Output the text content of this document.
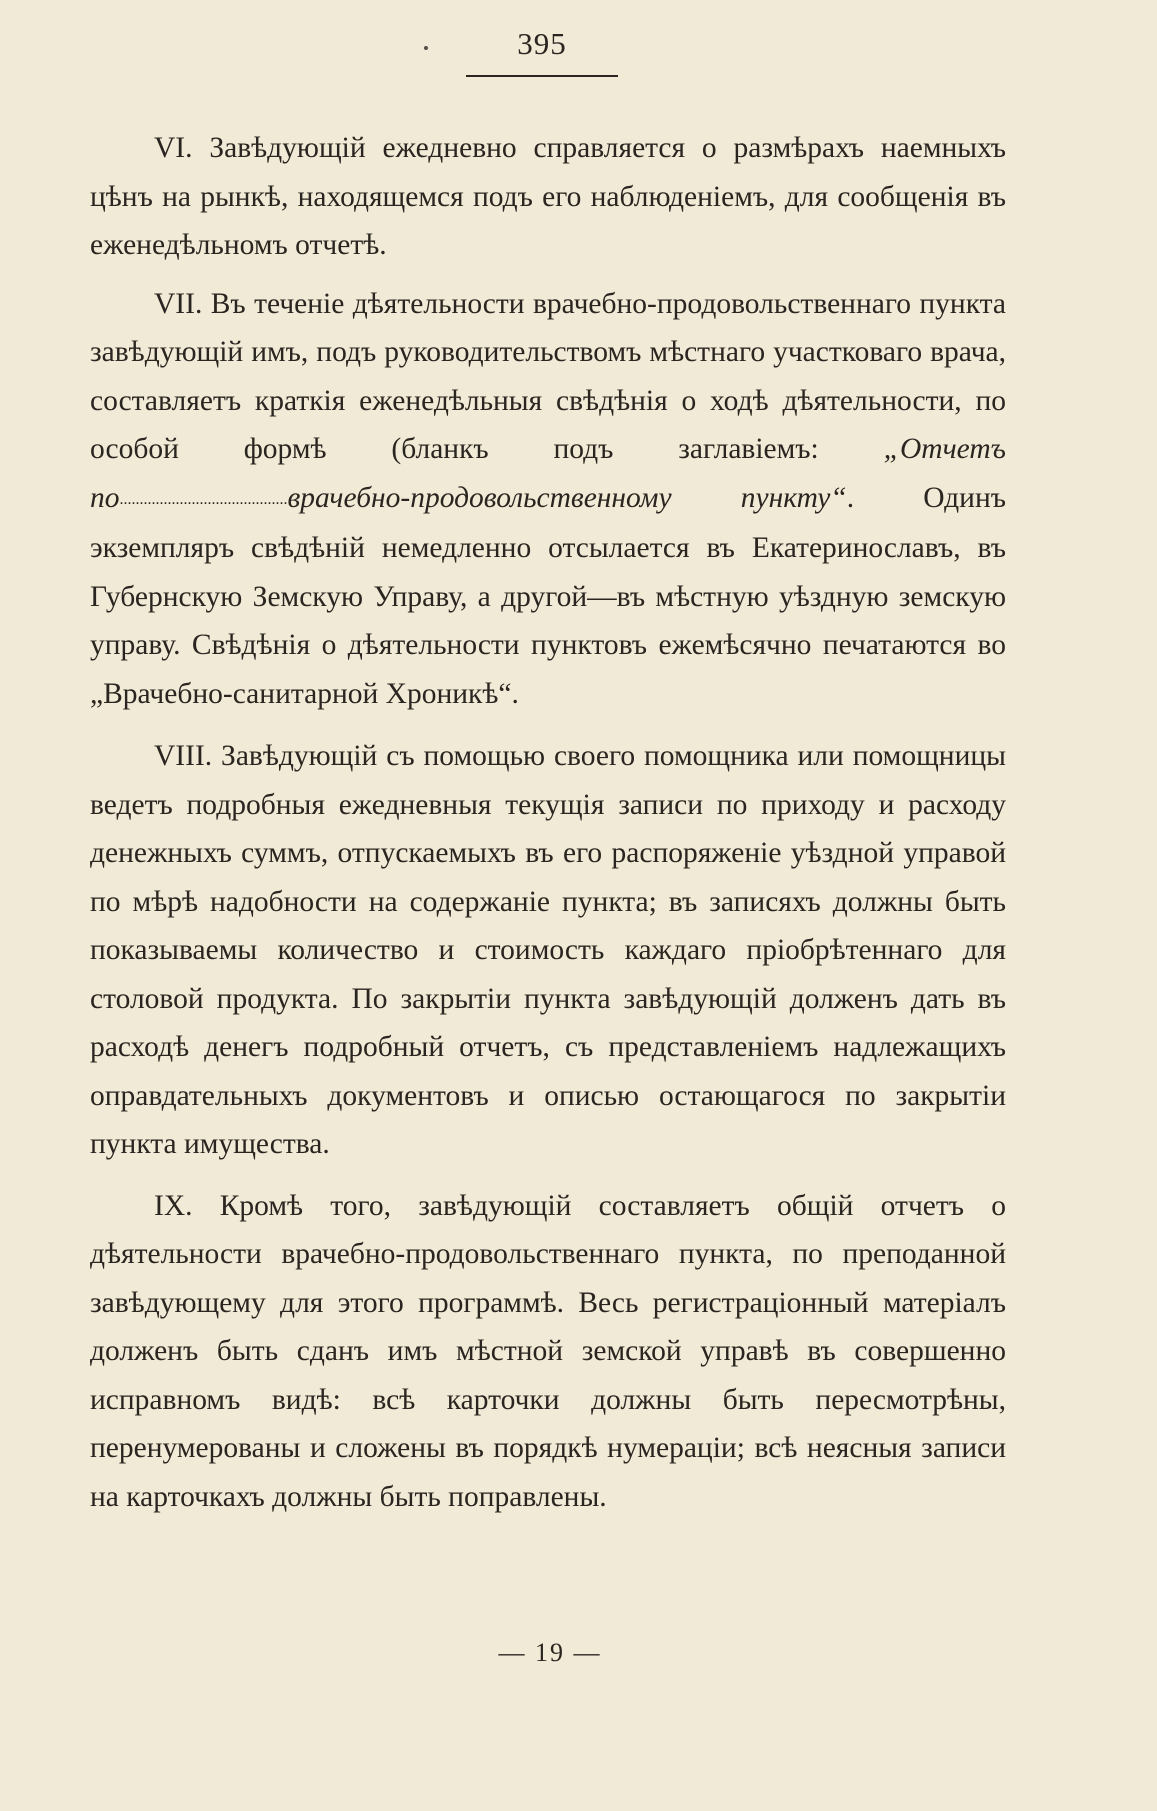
395

VI. Завѣдующій ежедневно справляется о размѣрахъ наемныхъ цѣнъ на рынкѣ, находящемся подъ его наблюденіемъ, для сообщенія въ еженедѣльномъ отчетѣ.

VII. Въ теченіе дѣятельности врачебно-продовольственнаго пункта завѣдующій имъ, подъ руководительствомъ мѣстнаго участковаго врача, составляетъ краткія еженедѣльныя свѣдѣнія о ходѣ дѣятельности, по особой формѣ (бланкъ подъ заглавіемъ: „Отчетъ по..........................................врачебно-продовольственному пункту“. Одинъ экземпляръ свѣдѣній немедленно отсылается въ Екатеринославъ, въ Губернскую Земскую Управу, а другой—въ мѣстную уѣздную земскую управу. Свѣдѣнія о дѣятельности пунктовъ ежемѣсячно печатаются во „Врачебно-санитарной Хроникѣ“.

VIII. Завѣдующій съ помощью своего помощника или помощницы ведетъ подробныя ежедневныя текущія записи по приходу и расходу денежныхъ суммъ, отпускаемыхъ въ его распоряженіе уѣздной управой по мѣрѣ надобности на содержаніе пункта; въ записяхъ должны быть показываемы количество и стоимость каждаго пріобрѣтеннаго для столовой продукта. По закрытіи пункта завѣдующій долженъ дать въ расходѣ денегъ подробный отчетъ, съ представленіемъ надлежащихъ оправдательныхъ документовъ и описью остающагося по закрытіи пункта имущества.

IX. Кромѣ того, завѣдующій составляетъ общій отчетъ о дѣятельности врачебно-продовольственнаго пункта, по преподанной завѣдующему для этого программѣ. Весь регистраціонный матеріалъ долженъ быть сданъ имъ мѣстной земской управѣ въ совершенно исправномъ видѣ: всѣ карточки должны быть пересмотрѣны, перенумерованы и сложены въ порядкѣ нумераціи; всѣ неясныя записи на карточкахъ должны быть поправлены.

— 19 —
